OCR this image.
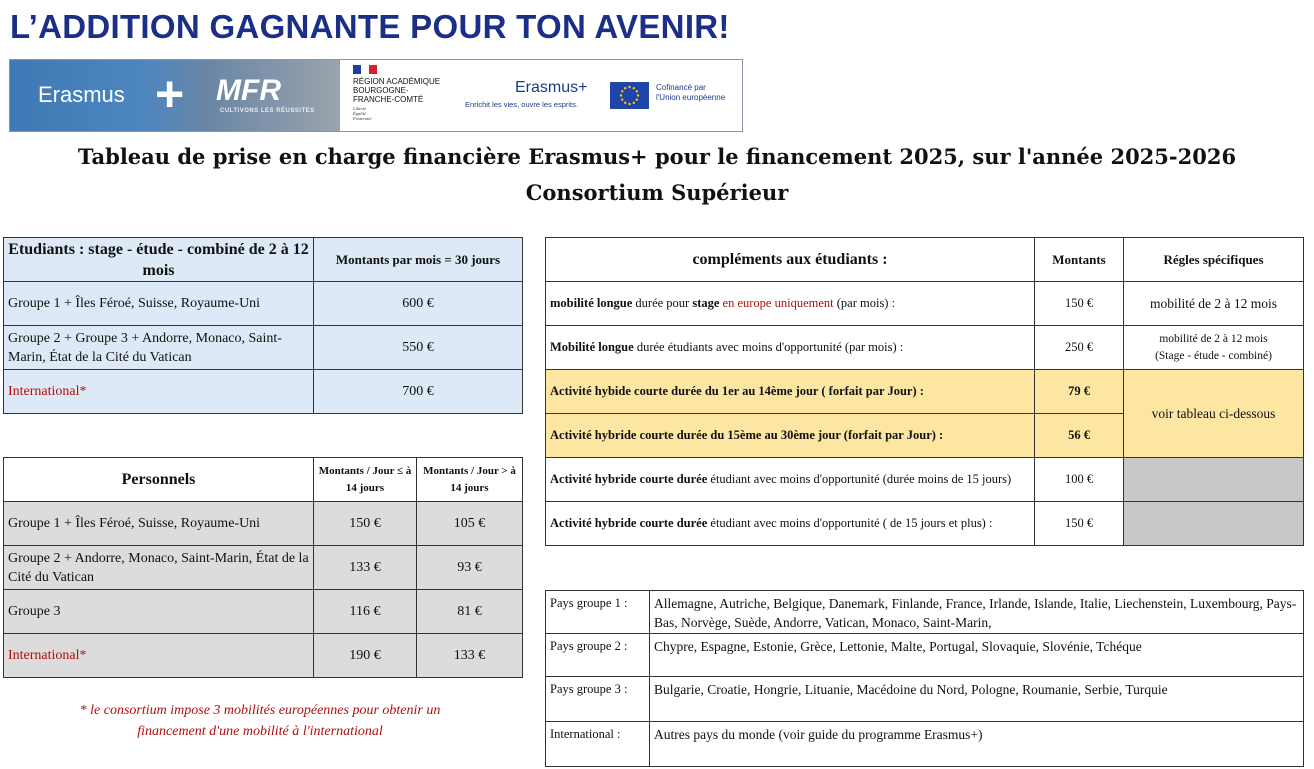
L’ADDITION GAGNANTE POUR TON AVENIR!
Erasmus + MFR
CULTIVONS LES RÉUSSITES
RÉGION ACADÉMIQUE
BOURGOGNE-
FRANCHE-COMTÉ
Liberté
Égalité
Fraternité
Erasmus+
Enrichit les vies, ouvre les esprits.
Cofinancé par
l'Union européenne
Tableau de prise en charge financière Erasmus+ pour le financement 2025, sur l'année 2025-2026
Consortium Supérieur
Etudiants : stage - étude - combiné de 2 à 12 mois	Montants par mois = 30 jours
Groupe 1 + Îles Féroé, Suisse, Royaume-Uni	600 €
Groupe 2 + Groupe 3 + Andorre, Monaco, Saint-Marin, État de la Cité du Vatican	550 €
International*	700 €
Personnels	Montants / Jour ≤ à 14 jours	Montants / Jour > à 14 jours
Groupe 1 + Îles Féroé, Suisse, Royaume-Uni	150 €	105 €
Groupe 2 + Andorre, Monaco, Saint-Marin, État de la Cité du Vatican	133 €	93 €
Groupe 3	116 €	81 €
International*	190 €	133 €
* le consortium impose 3 mobilités européennes pour obtenir un
financement d'une mobilité à l'international
compléments aux étudiants :	Montants	Régles spécifiques
mobilité longue durée pour stage en europe uniquement (par mois) :	150 €	mobilité de 2 à 12 mois
Mobilité longue durée étudiants avec moins d'opportunité (par mois) :	250 €	mobilité de 2 à 12 mois
(Stage - étude - combiné)

Activité hybide courte durée du 1er au 14ème jour ( forfait par Jour) :	79 €	voir tableau ci-dessous
Activité hybride courte durée du 15ème au 30ème jour (forfait par Jour) :	56 €	
Activité hybride courte durée étudiant avec moins d'opportunité (durée moins de 15 jours)	100 €	
Activité hybride courte durée étudiant avec moins d'opportunité ( de 15 jours et plus) :	150 €	
Pays groupe 1 :	Allemagne, Autriche, Belgique, Danemark, Finlande, France, Irlande, Islande, Italie, Liechenstein, Luxembourg, Pays-Bas, Norvège, Suède, Andorre, Vatican, Monaco, Saint-Marin,
Pays groupe 2 :	Chypre, Espagne, Estonie, Grèce, Lettonie, Malte, Portugal, Slovaquie, Slovénie, Tchéque
Pays groupe 3 :	Bulgarie, Croatie, Hongrie, Lituanie, Macédoine du Nord, Pologne, Roumanie, Serbie, Turquie
International :	Autres pays du monde (voir guide du programme Erasmus+)
